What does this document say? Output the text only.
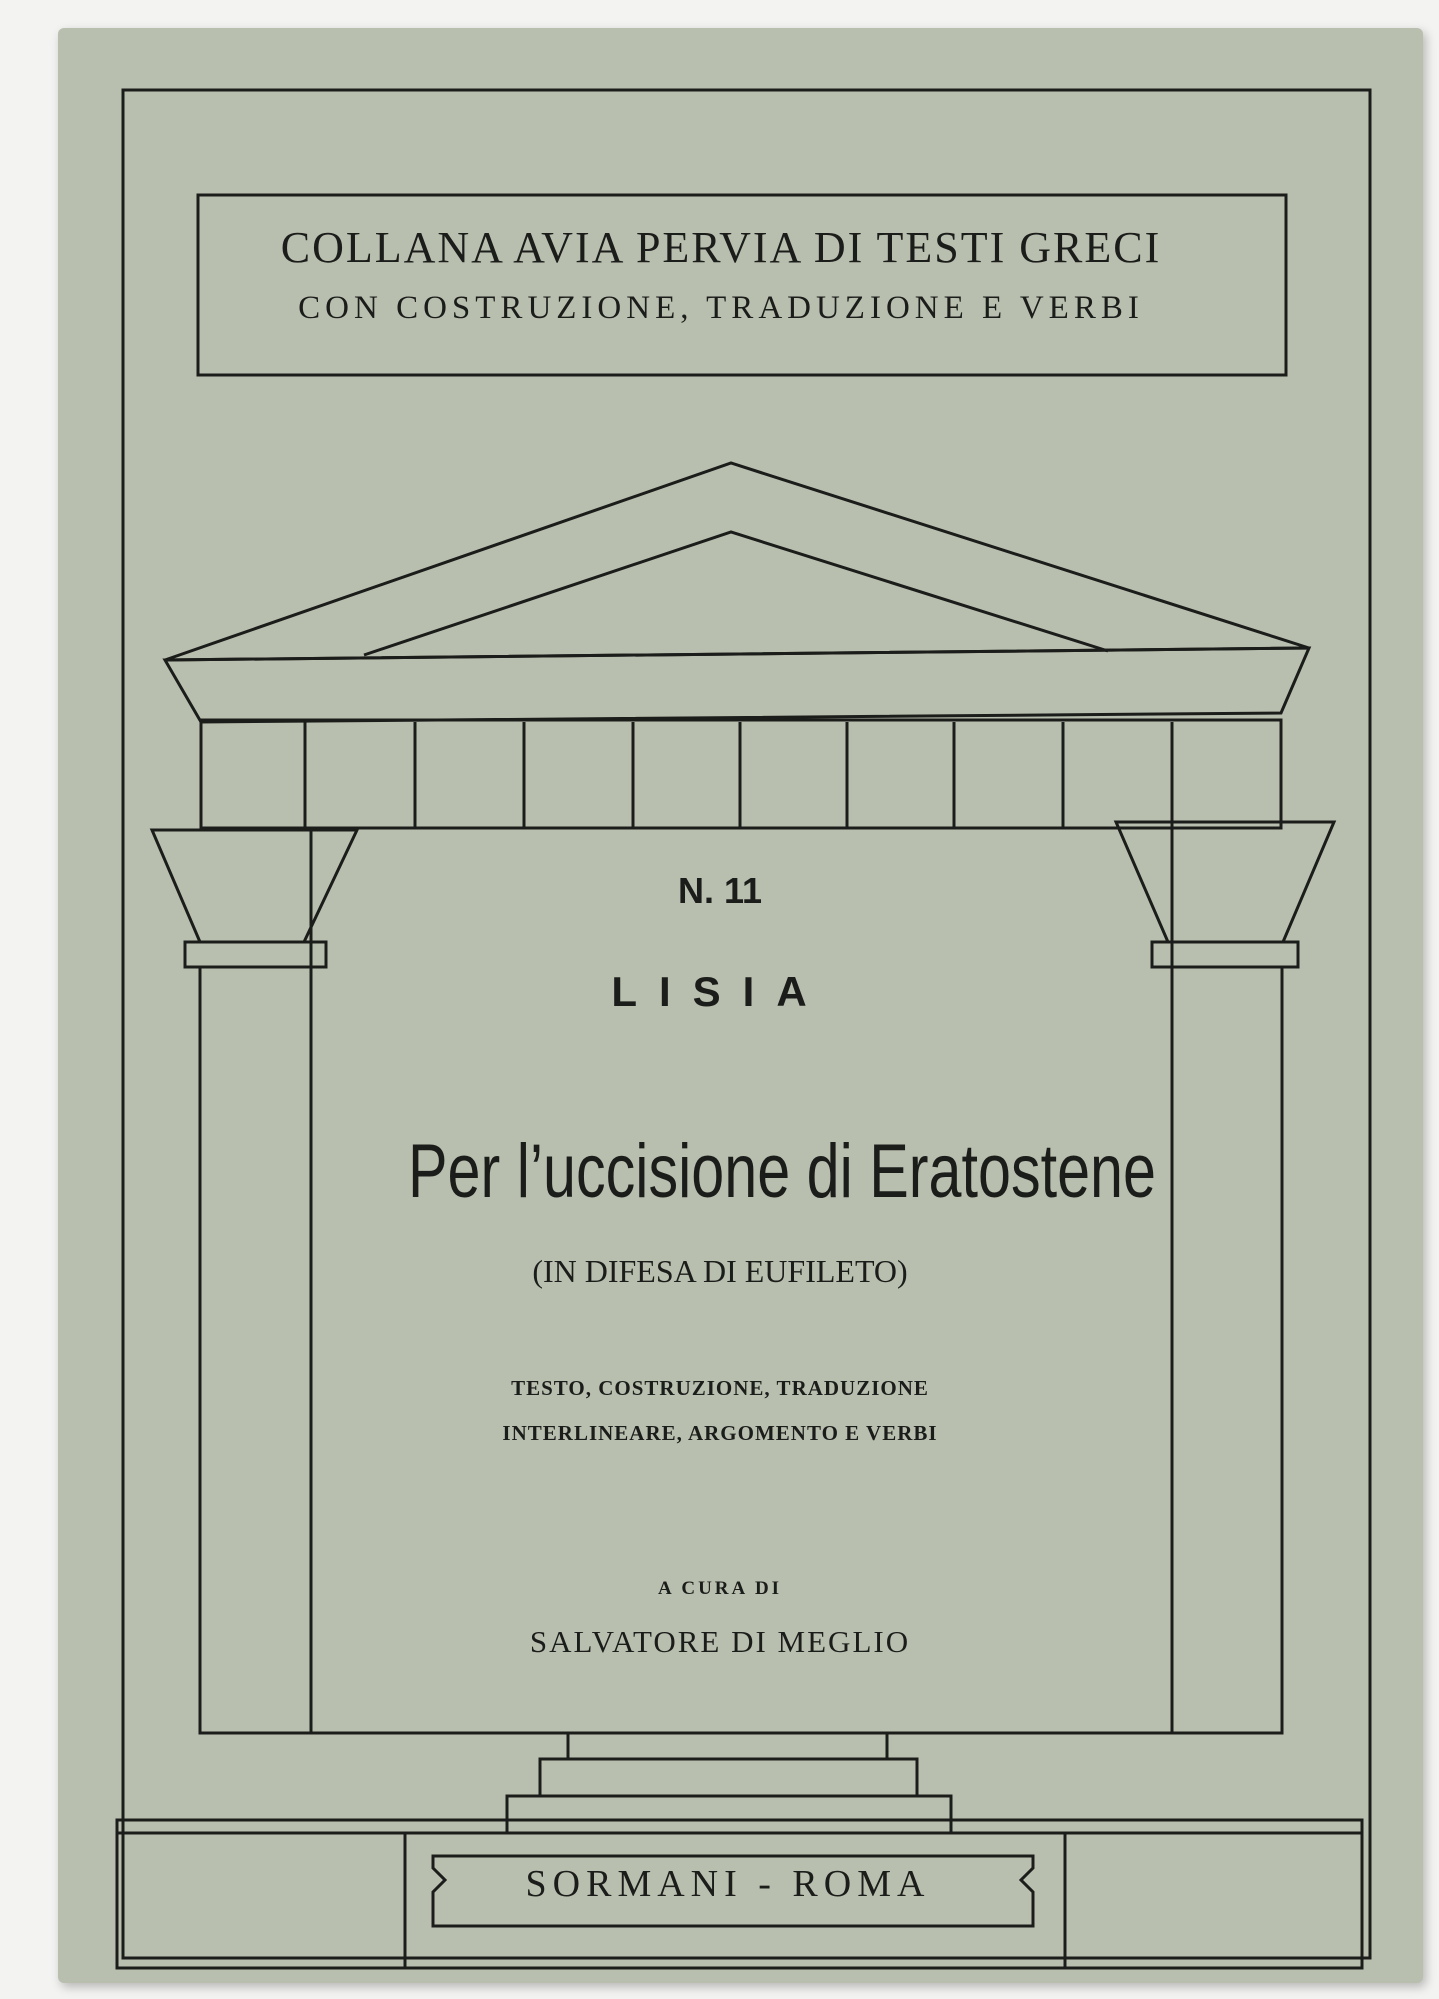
COLLANA AVIA PERVIA DI TESTI GRECI
CON COSTRUZIONE, TRADUZIONE E VERBI
N. 11
LISIA
Per l’uccisione di Eratostene
(IN DIFESA DI EUFILETO)
TESTO, COSTRUZIONE, TRADUZIONE
INTERLINEARE, ARGOMENTO E VERBI
A CURA DI
SALVATORE DI MEGLIO
SORMANI - ROMA
